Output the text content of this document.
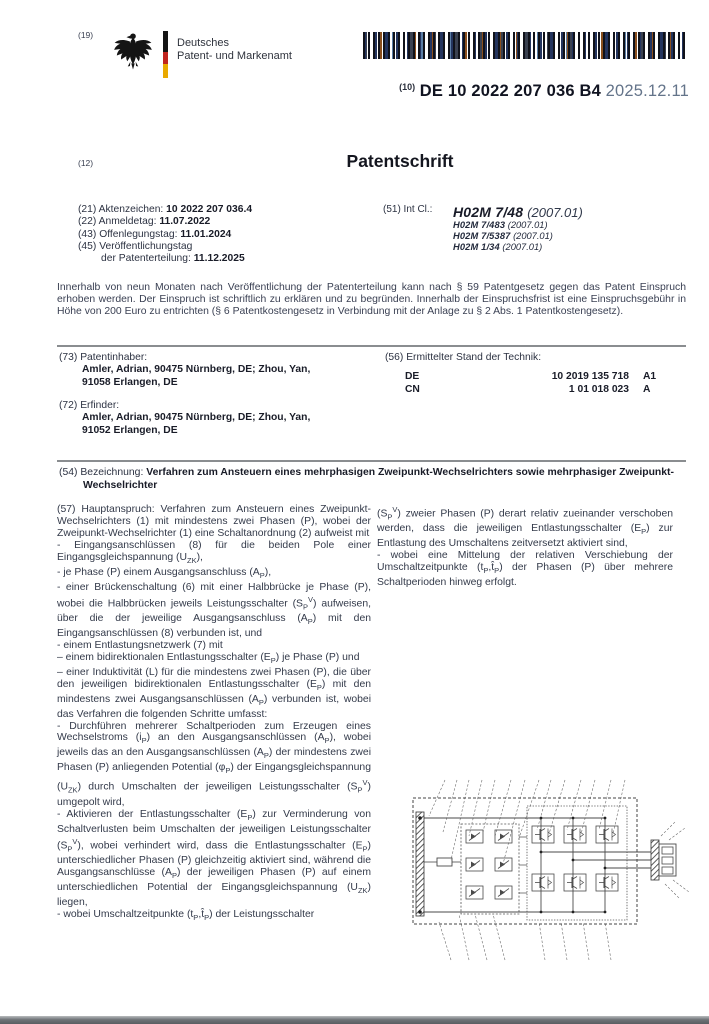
(19)
Deutsches
Patent- und Markenamt
$^{(10)}$ DE 10 2022 207 036 B4 2025.12.11
(12)	Patentschrift
(21) Aktenzeichen: 10 2022 207 036.4
(22) Anmeldetag: 11.07.2022
(43) Offenlegungstag: 11.01.2024
(45) Veröffentlichungstag
der Patenterteilung: 11.12.2025
(51) Int Cl.: H02M 7/48 (2007.01)
H02M 7/483 (2007.01)
H02M 7/5387 (2007.01)
H02M 1/34 (2007.01)
Innerhalb von neun Monaten nach Veröffentlichung der Patenterteilung kann nach § 59 Patentgesetz gegen das Patent Einspruch erhoben werden. Der Einspruch ist schriftlich zu erklären und zu begründen. Innerhalb der Einspruchsfrist ist eine Einspruchsgebühr in Höhe von 200 Euro zu entrichten (§ 6 Patentkostengesetz in Verbindung mit der Anlage zu § 2 Abs. 1 Patentkostengesetz).
(73) Patentinhaber:
Amler, Adrian, 90475 Nürnberg, DE; Zhou, Yan, 91058 Erlangen, DE
(72) Erfinder:
Amler, Adrian, 90475 Nürnberg, DE; Zhou, Yan, 91052 Erlangen, DE
(56) Ermittelter Stand der Technik:
DE	10 2019 135 718 A1
CN	1 01 018 023 A
(54) Bezeichnung: Verfahren zum Ansteuern eines mehrphasigen Zweipunkt-Wechselrichters sowie mehrphasiger Zweipunkt-Wechselrichter

(57) Hauptanspruch: Verfahren zum Ansteuern eines Zweipunkt-Wechselrichters (1) mit mindestens zwei Phasen (P), wobei der Zweipunkt-Wechselrichter (1) eine Schaltanordnung (2) aufweist mit

- Eingangsanschlüssen (8) für die beiden Pole einer Eingangsgleichspannung $(U_{ZK})$,

- je Phase (P) einem Ausgangsanschluss $(A_P)$,

- einer Brückenschaltung (6) mit einer Halbbrücke je Phase (P), wobei die Halbbrücken jeweils Leistungsschalter $(S_P^V)$ aufweisen, über die der jeweilige Ausgangsanschluss $(A_P)$ mit den Eingangsanschlüssen (8) verbunden ist, und

- einem Entlastungsnetzwerk (7) mit

– einem bidirektionalen Entlastungsschalter $(E_P)$ je Phase (P) und

– einer Induktivität (L) für die mindestens zwei Phasen (P), die über den jeweiligen bidirektionalen Entlastungsschalter $(E_P)$ mit den mindestens zwei Ausgangsanschlüssen $(A_P)$ verbunden ist, wobei das Verfahren die folgenden Schritte umfasst:

- Durchführen mehrerer Schaltperioden zum Erzeugen eines Wechselstroms $(i_P)$ an den Ausgangsanschlüssen $(A_P)$, wobei jeweils das an den Ausgangsanschlüssen $(A_P)$ der mindestens zwei Phasen (P) anliegenden Potential $(\varphi_P)$ der Eingangsgleichspannung $(U_{ZK})$ durch Umschalten der jeweiligen Leistungsschalter $(S_P^V)$ umgepolt wird,

- Aktivieren der Entlastungsschalter $(E_P)$ zur Verminderung von Schaltverlusten beim Umschalten der jeweiligen Leistungsschalter $(S_P^V)$, wobei verhindert wird, dass die Entlastungsschalter $(E_P)$ unterschiedlicher Phasen (P) gleichzeitig aktiviert sind, während die Ausgangsanschlüsse $(A_P)$ der jeweiligen Phasen (P) auf einem unterschiedlichen Potential der Eingangsgleichspannung $(U_{ZK})$ liegen,

- wobei Umschaltzeitpunkte $(t_P,t̂_P)$ der Leistungsschalter

$(S_P^V)$ zweier Phasen (P) derart relativ zueinander verschoben werden, dass die jeweiligen Entlastungsschalter $(E_P)$ zur Entlastung des Umschaltens zeitversetzt aktiviert sind,

- wobei eine Mittelung der relativen Verschiebung der Umschaltzeitpunkte $(t_P,t̂_P)$ der Phasen (P) über mehrere Schaltperioden hinweg erfolgt.
